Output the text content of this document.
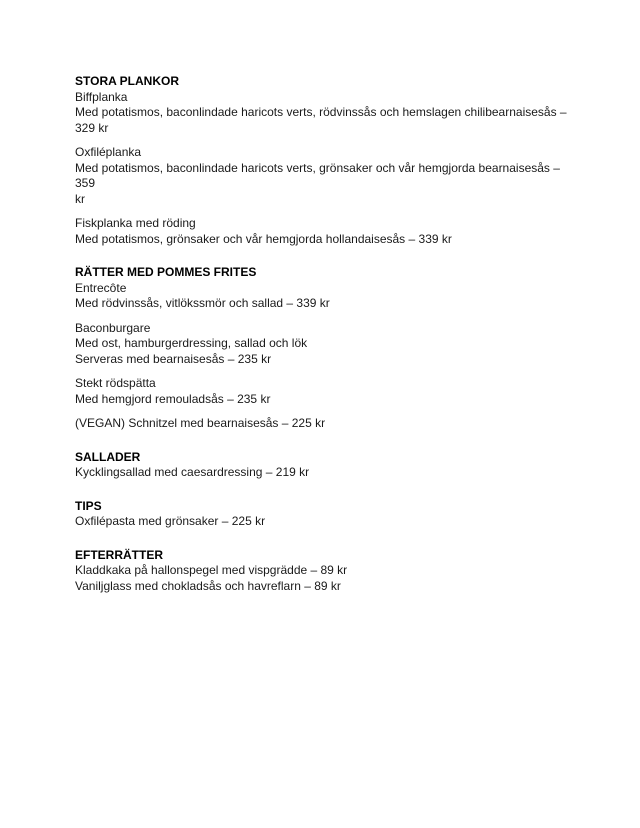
STORA PLANKOR
Biffplanka
Med potatismos, baconlindade haricots verts, rödvinssås och hemslagen chilibearnaisesås –
329 kr
Oxfiléplanka
Med potatismos, baconlindade haricots verts, grönsaker och vår hemgjorda bearnaisesås – 359
kr
Fiskplanka med röding
Med potatismos, grönsaker och vår hemgjorda hollandaisesås – 339 kr
RÄTTER MED POMMES FRITES
Entrecôte
Med rödvinssås, vitlökssmör och sallad – 339 kr
Baconburgare
Med ost, hamburgerdressing, sallad och lök
Serveras med bearnaisesås – 235 kr
Stekt rödspätta
Med hemgjord remouladsås – 235 kr
(VEGAN) Schnitzel med bearnaisesås – 225 kr
SALLADER
Kycklingsallad med caesardressing – 219 kr
TIPS
Oxfilépasta med grönsaker – 225 kr
EFTERRÄTTER
Kladdkaka på hallonspegel med vispgrädde – 89 kr
Vaniljglass med chokladsås och havreflarn – 89 kr
